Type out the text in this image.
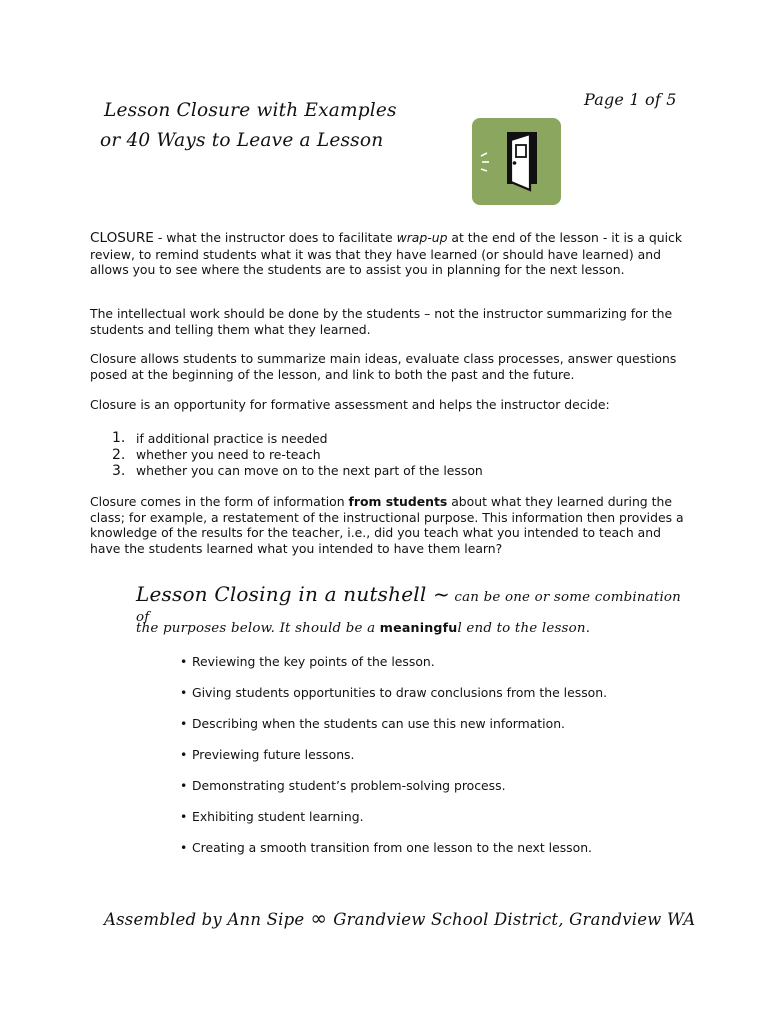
Page 1 of 5
Lesson Closure with Examples
or 40 Ways to Leave a Lesson

CLOSURE - what the instructor does to facilitate wrap-up at the end of the lesson - it is a quick review, to remind students what it was that they have learned (or should have learned) and allows you to see where the students are to assist you in planning for the next lesson.

The intellectual work should be done by the students – not the instructor summarizing for the students and telling them what they learned.

Closure allows students to summarize main ideas, evaluate class processes, answer questions posed at the beginning of the lesson, and link to both the past and the future.

Closure is an opportunity for formative assessment and helps the instructor decide:

1. if additional practice is needed
2. whether you need to re-teach
3. whether you can move on to the next part of the lesson

Closure comes in the form of information from students about what they learned during the class; for example, a restatement of the instructional purpose. This information then provides a knowledge of the results for the teacher, i.e., did you teach what you intended to teach and have the students learned what you intended to have them learn?

Lesson Closing in a nutshell ~ can be one or some combination of
the purposes below. It should be a meaningful end to the lesson.
• Reviewing the key points of the lesson.
• Giving students opportunities to draw conclusions from the lesson.
• Describing when the students can use this new information.
• Previewing future lessons.
• Demonstrating student’s problem-solving process.
• Exhibiting student learning.
• Creating a smooth transition from one lesson to the next lesson.
Assembled by Ann Sipe ∞ Grandview School District, Grandview WA
